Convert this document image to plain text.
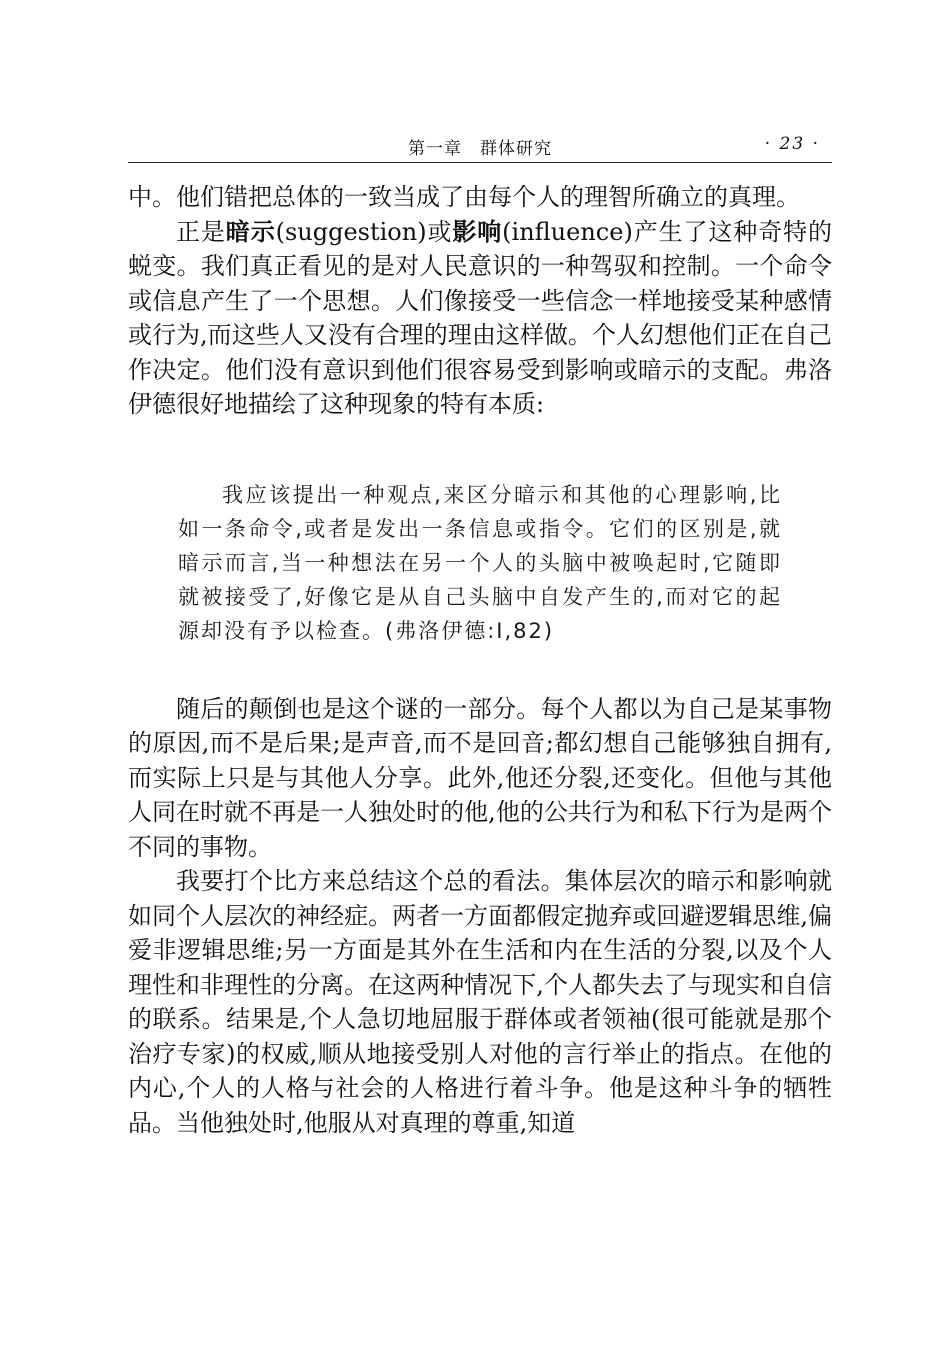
第一章　群体研究	· 23 ·

中。他们错把总体的一致当成了由每个人的理智所确立的真理。

正是暗示(suggestion)或影响(influence)产生了这种奇特的蜕变。我们真正看见的是对人民意识的一种驾驭和控制。一个命令或信息产生了一个思想。人们像接受一些信念一样地接受某种感情或行为,而这些人又没有合理的理由这样做。个人幻想他们正在自己作决定。他们没有意识到他们很容易受到影响或暗示的支配。弗洛伊德很好地描绘了这种现象的特有本质:

我应该提出一种观点,来区分暗示和其他的心理影响,比如一条命令,或者是发出一条信息或指令。它们的区别是,就暗示而言,当一种想法在另一个人的头脑中被唤起时,它随即就被接受了,好像它是从自己头脑中自发产生的,而对它的起源却没有予以检查。(弗洛伊德:I,82)

随后的颠倒也是这个谜的一部分。每个人都以为自己是某事物的原因,而不是后果;是声音,而不是回音;都幻想自己能够独自拥有,而实际上只是与其他人分享。此外,他还分裂,还变化。但他与其他人同在时就不再是一人独处时的他,他的公共行为和私下行为是两个不同的事物。

我要打个比方来总结这个总的看法。集体层次的暗示和影响就如同个人层次的神经症。两者一方面都假定抛弃或回避逻辑思维,偏爱非逻辑思维;另一方面是其外在生活和内在生活的分裂,以及个人理性和非理性的分离。在这两种情况下,个人都失去了与现实和自信的联系。结果是,个人急切地屈服于群体或者领袖(很可能就是那个治疗专家)的权威,顺从地接受别人对他的言行举止的指点。在他的内心,个人的人格与社会的人格进行着斗争。他是这种斗争的牺牲品。当他独处时,他服从对真理的尊重,知道
